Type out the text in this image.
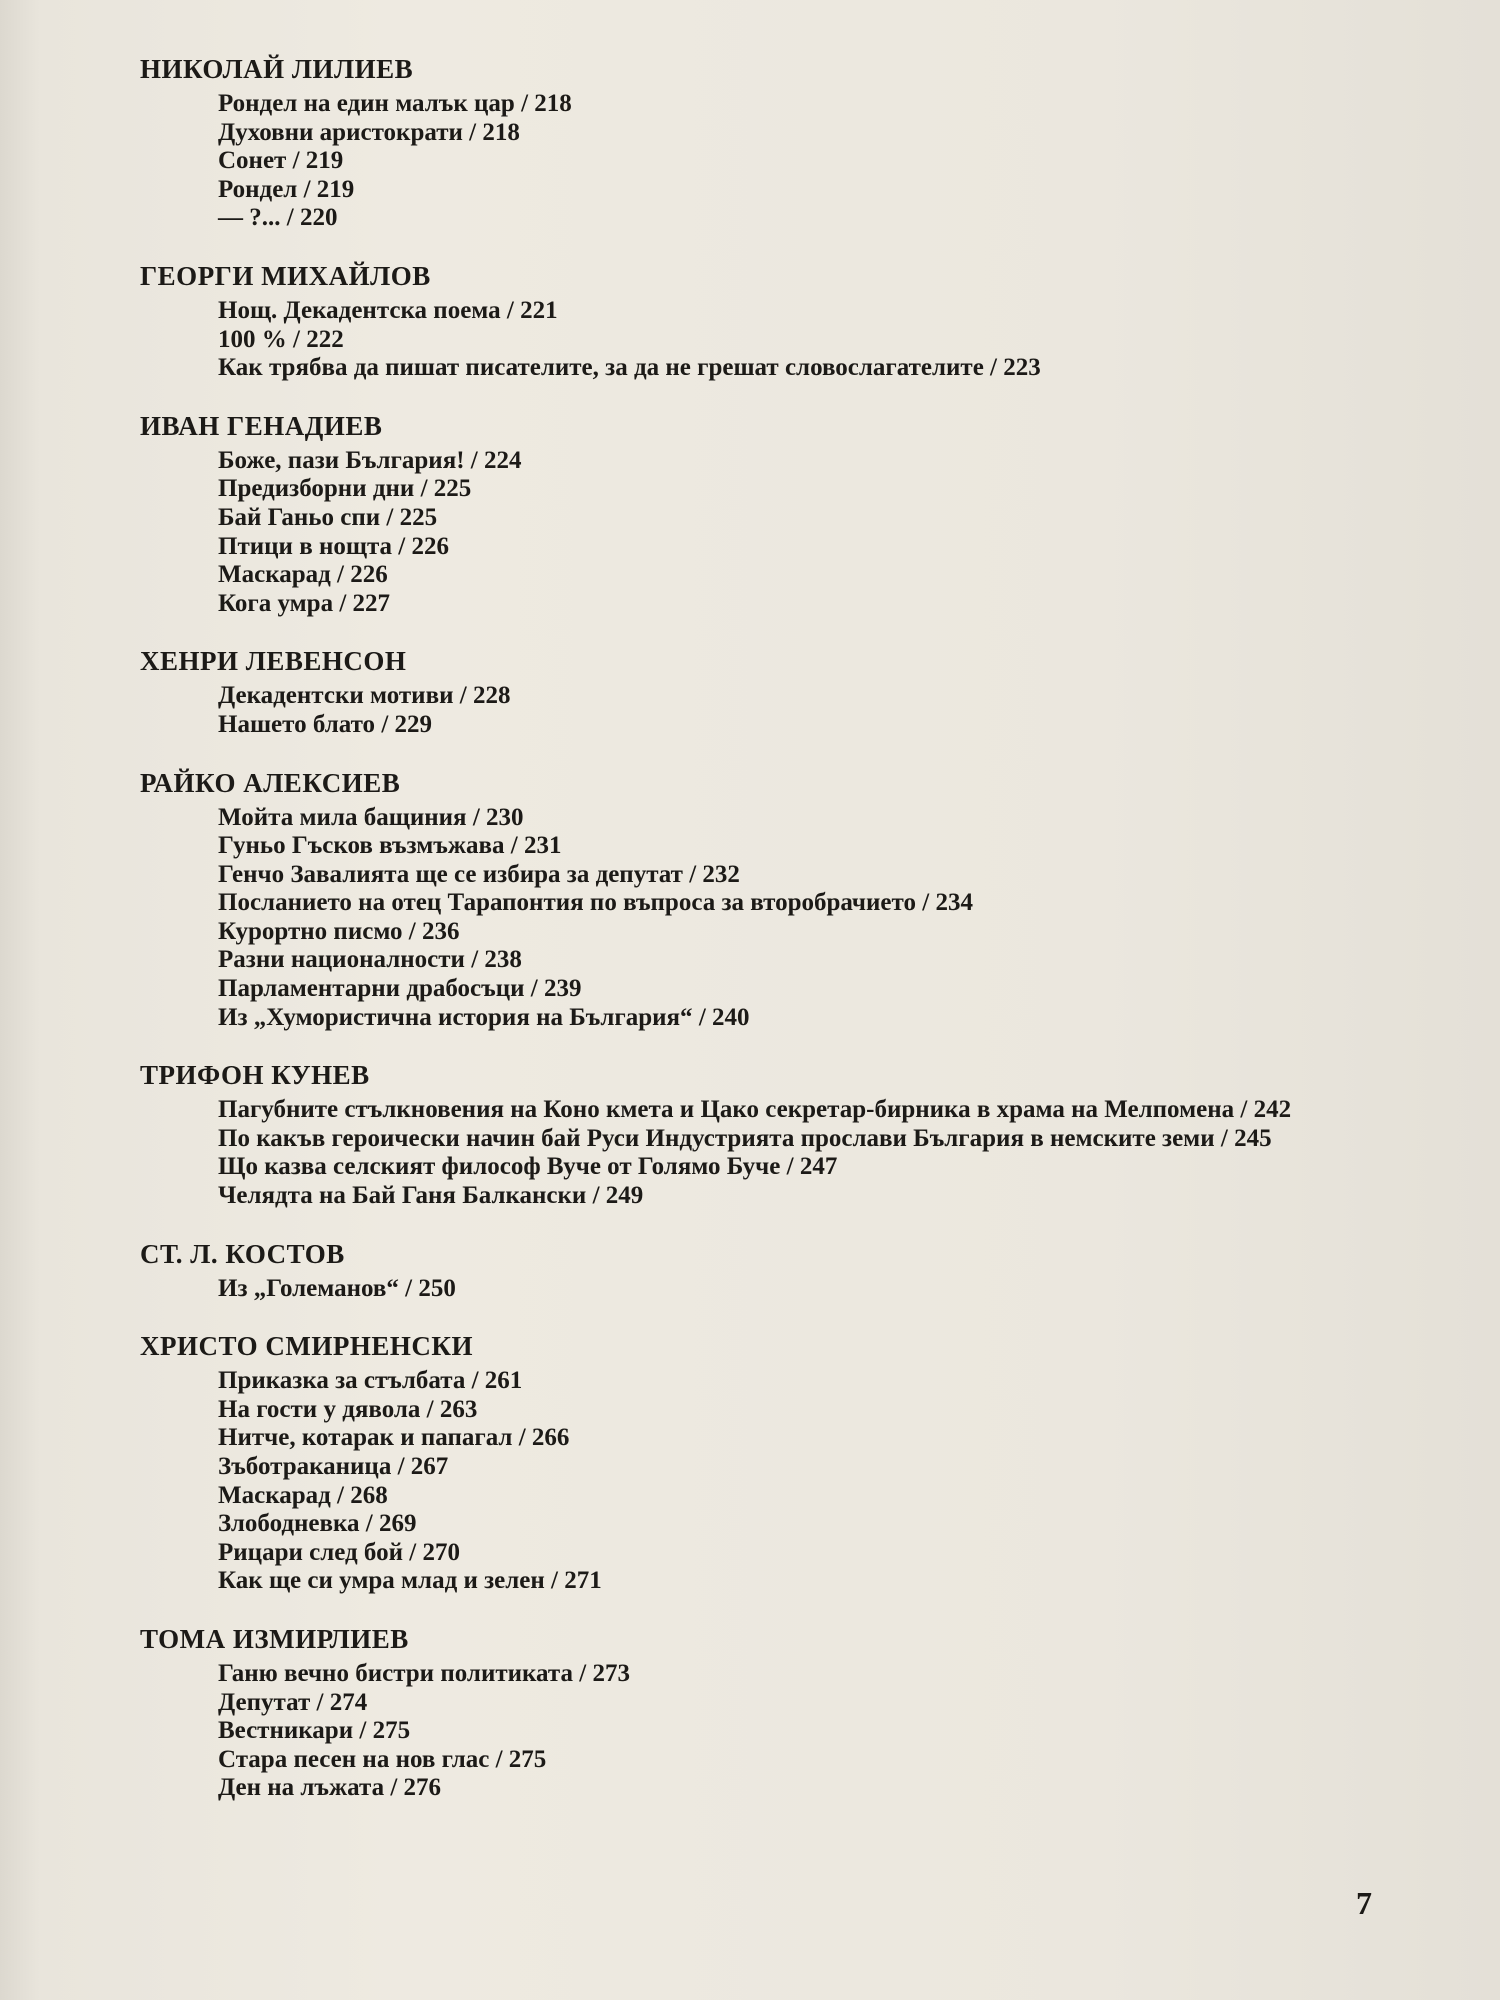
НИКОЛАЙ ЛИЛИЕВ
Рондел на един малък цар / 218
Духовни аристократи / 218
Сонет / 219
Рондел / 219
— ?... / 220
ГЕОРГИ МИХАЙЛОВ
Нощ. Декадентска поема / 221
100 % / 222
Как трябва да пишат писателите, за да не грешат словослагателите / 223
ИВАН ГЕНАДИЕВ
Боже, пази България! / 224
Предизборни дни / 225
Бай Ганьо спи / 225
Птици в нощта / 226
Маскарад / 226
Кога умра / 227
ХЕНРИ ЛЕВЕНСОН
Декадентски мотиви / 228
Нашето блато / 229
РАЙКО АЛЕКСИЕВ
Мойта мила бащиния / 230
Гуньо Гъсков възмъжава / 231
Генчо Завалията ще се избира за депутат / 232
Посланието на отец Тарапонтия по въпроса за второбрачието / 234
Курортно писмо / 236
Разни националности / 238
Парламентарни драбосъци / 239
Из „Хумористична история на България“ / 240
ТРИФОН КУНЕВ
Пагубните стълкновения на Коно кмета и Цако секретар-бирника в храма на Мелпомена / 242
По какъв героически начин бай Руси Индустрията прослави България в немските земи / 245
Що казва селският философ Вуче от Голямо Буче / 247
Челядта на Бай Ганя Балкански / 249
СТ. Л. КОСТОВ
Из „Големанов“ / 250
ХРИСТО СМИРНЕНСКИ
Приказка за стълбата / 261
На гости у дявола / 263
Нитче, котарак и папагал / 266
Зъботраканица / 267
Маскарад / 268
Злободневка / 269
Рицари след бой / 270
Как ще си умра млад и зелен / 271
ТОМА ИЗМИРЛИЕВ
Ганю вечно бистри политиката / 273
Депутат / 274
Вестникари / 275
Стара песен на нов глас / 275
Ден на лъжата / 276
7
